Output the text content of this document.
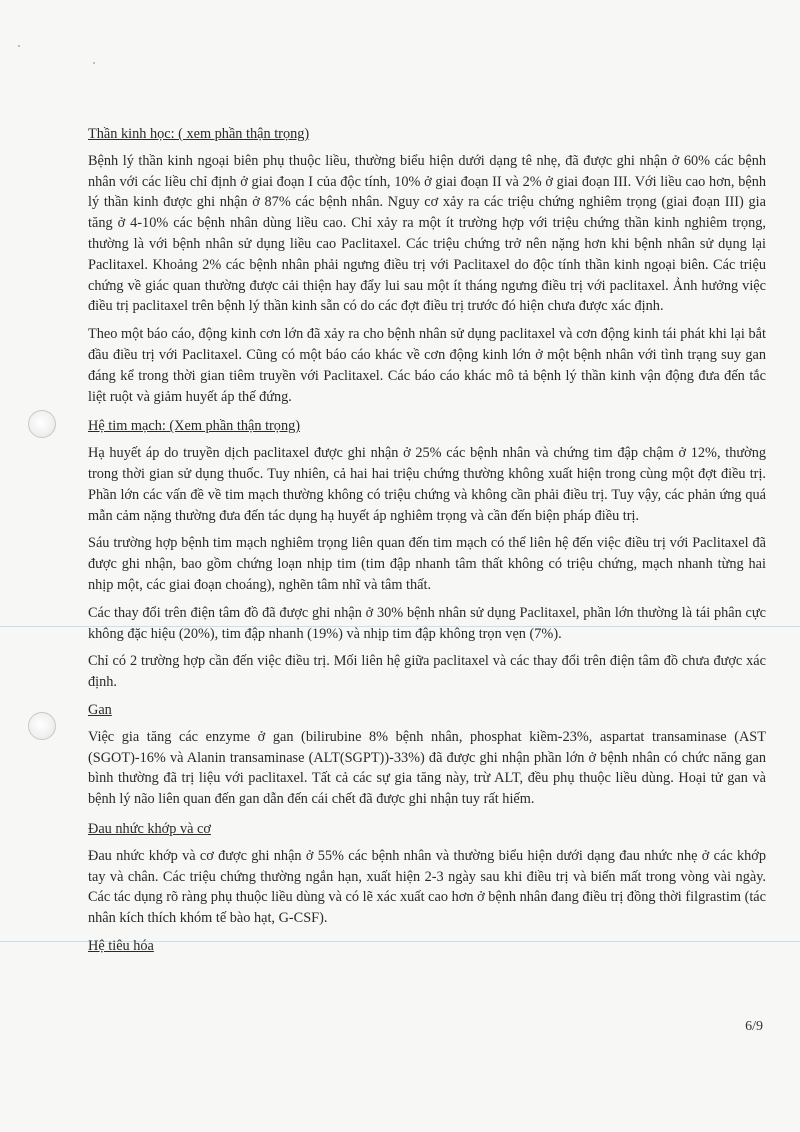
Thần kinh học: ( xem phần thận trọng)

Bệnh lý thần kinh ngoại biên phụ thuộc liều, thường biểu hiện dưới dạng tê nhẹ, đã được ghi nhận ở 60% các bệnh nhân với các liều chỉ định ở giai đoạn I của độc tính, 10% ở giai đoạn II và 2% ở giai đoạn III. Với liều cao hơn, bệnh lý thần kinh được ghi nhận ở 87% các bệnh nhân. Nguy cơ xảy ra các triệu chứng nghiêm trọng (giai đoạn III) gia tăng ở 4-10% các bệnh nhân dùng liều cao. Chỉ xảy ra một ít trường hợp với triệu chứng thần kinh nghiêm trọng, thường là với bệnh nhân sử dụng liều cao Paclitaxel. Các triệu chứng trở nên nặng hơn khi bệnh nhân sử dụng lại Paclitaxel. Khoảng 2% các bệnh nhân phải ngưng điều trị với Paclitaxel do độc tính thần kinh ngoại biên. Các triệu chứng về giác quan thường được cải thiện hay đẩy lui sau một ít tháng ngưng điều trị với paclitaxel. Ảnh hưởng việc điều trị paclitaxel trên bệnh lý thần kinh sẵn có do các đợt điều trị trước đó hiện chưa được xác định.

Theo một báo cáo, động kinh cơn lớn đã xảy ra cho bệnh nhân sử dụng paclitaxel và cơn động kinh tái phát khi lại bắt đầu điều trị với Paclitaxel. Cũng có một báo cáo khác về cơn động kinh lớn ở một bệnh nhân với tình trạng suy gan đáng kể trong thời gian tiêm truyền với Paclitaxel. Các báo cáo khác mô tả bệnh lý thần kinh vận động đưa đến tắc liệt ruột và giảm huyết áp thế đứng.

Hệ tim mạch: (Xem phần thận trọng)

Hạ huyết áp do truyền dịch paclitaxel được ghi nhận ở 25% các bệnh nhân và chứng tim đập chậm ở 12%, thường trong thời gian sử dụng thuốc. Tuy nhiên, cả hai hai triệu chứng thường không xuất hiện trong cùng một đợt điều trị. Phần lớn các vấn đề về tim mạch thường không có triệu chứng và không cần phải điều trị. Tuy vậy, các phản ứng quá mẫn cảm nặng thường đưa đến tác dụng hạ huyết áp nghiêm trọng và cần đến biện pháp điều trị.

Sáu trường hợp bệnh tim mạch nghiêm trọng liên quan đến tim mạch có thể liên hệ đến việc điều trị với Paclitaxel đã được ghi nhận, bao gồm chứng loạn nhịp tim (tim đập nhanh tâm thất không có triệu chứng, mạch nhanh từng hai nhịp một, các giai đoạn choáng), nghẽn tâm nhĩ và tâm thất.

Các thay đổi trên điện tâm đồ đã được ghi nhận ở 30% bệnh nhân sử dụng Paclitaxel, phần lớn thường là tái phân cực không đặc hiệu (20%), tim đập nhanh (19%) và nhịp tim đập không trọn vẹn (7%).

Chỉ có 2 trường hợp cần đến việc điều trị. Mối liên hệ giữa paclitaxel và các thay đổi trên điện tâm đồ chưa được xác định.

Gan

Việc gia tăng các enzyme ở gan (bilirubine 8% bệnh nhân, phosphat kiềm-23%, aspartat transaminase (AST (SGOT)-16% và Alanin transaminase (ALT(SGPT))-33%) đã được ghi nhận phần lớn ở bệnh nhân có chức năng gan bình thường đã trị liệu với paclitaxel. Tất cả các sự gia tăng này, trừ ALT, đều phụ thuộc liều dùng. Hoại tử gan và bệnh lý não liên quan đến gan dẫn đến cái chết đã được ghi nhận tuy rất hiếm.

Đau nhức khớp và cơ

Đau nhức khớp và cơ được ghi nhận ở 55% các bệnh nhân và thường biểu hiện dưới dạng đau nhức nhẹ ở các khớp tay và chân. Các triệu chứng thường ngắn hạn, xuất hiện 2-3 ngày sau khi điều trị và biến mất trong vòng vài ngày. Các tác dụng rõ ràng phụ thuộc liều dùng và có lẽ xác xuất cao hơn ở bệnh nhân đang điều trị đồng thời filgrastim (tác nhân kích thích khóm tế bào hạt, G-CSF).

Hệ tiêu hóa
6/9
